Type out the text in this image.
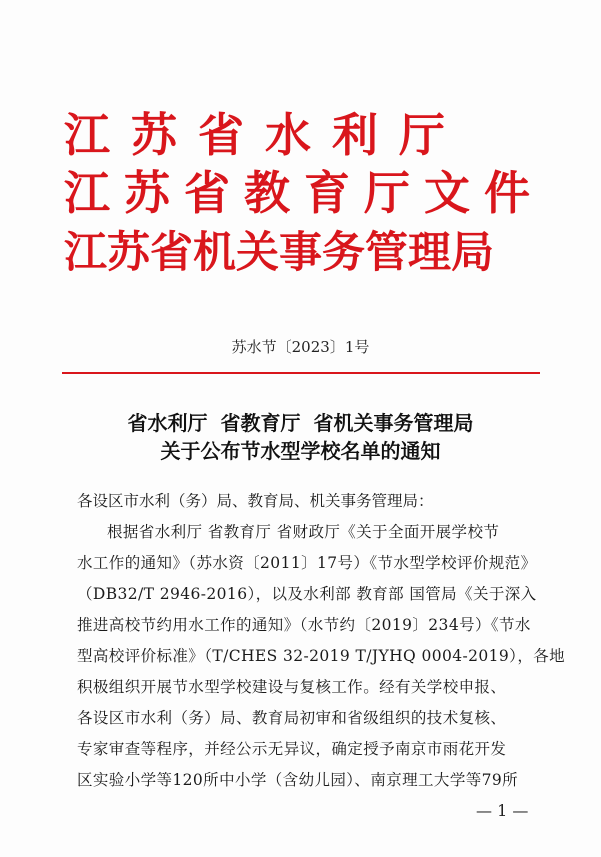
江苏省水利厅
江苏省教育厅文件
江苏省机关事务管理局
苏水节〔2023〕1号
省水利厅 省教育厅 省机关事务管理局
关于公布节水型学校名单的通知
各设区市水利（务）局、教育局、机关事务管理局：
根据省水利厅 省教育厅 省财政厅《关于全面开展学校节
水工作的通知》（苏水资〔2011〕17号）《节水型学校评价规范》
（DB32/T 2946-2016），以及水利部 教育部 国管局《关于深入
推进高校节约用水工作的通知》（水节约〔2019〕234号）《节水
型高校评价标准》（T/CHES 32-2019 T/JYHQ 0004-2019），各地
积极组织开展节水型学校建设与复核工作。经有关学校申报、
各设区市水利（务）局、教育局初审和省级组织的技术复核、
专家审查等程序，并经公示无异议，确定授予南京市雨花开发
区实验小学等120所中小学（含幼儿园）、南京理工大学等79所
— 1 —
